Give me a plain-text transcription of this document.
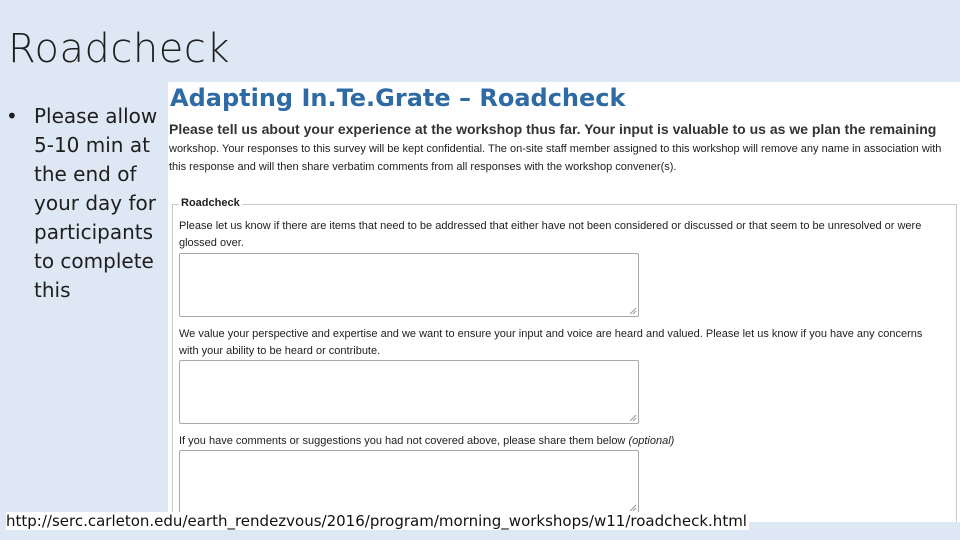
Roadcheck
• Please allow 5-10 min at the end of your day for participants to complete this
Adapting In.Te.Grate – Roadcheck
Please tell us about your experience at the workshop thus far. Your input is valuable to us as we plan the remaining workshop. Your responses to this survey will be kept confidential. The on-site staff member assigned to this workshop will remove any name in association with this response and will then share verbatim comments from all responses with the workshop convener(s).
Roadcheck
Please let us know if there are items that need to be addressed that either have not been considered or discussed or that seem to be unresolved or were glossed over.
We value your perspective and expertise and we want to ensure your input and voice are heard and valued. Please let us know if you have any concerns with your ability to be heard or contribute.
If you have comments or suggestions you had not covered above, please share them below (optional)
http://serc.carleton.edu/earth_rendezvous/2016/program/morning_workshops/w11/roadcheck.html
